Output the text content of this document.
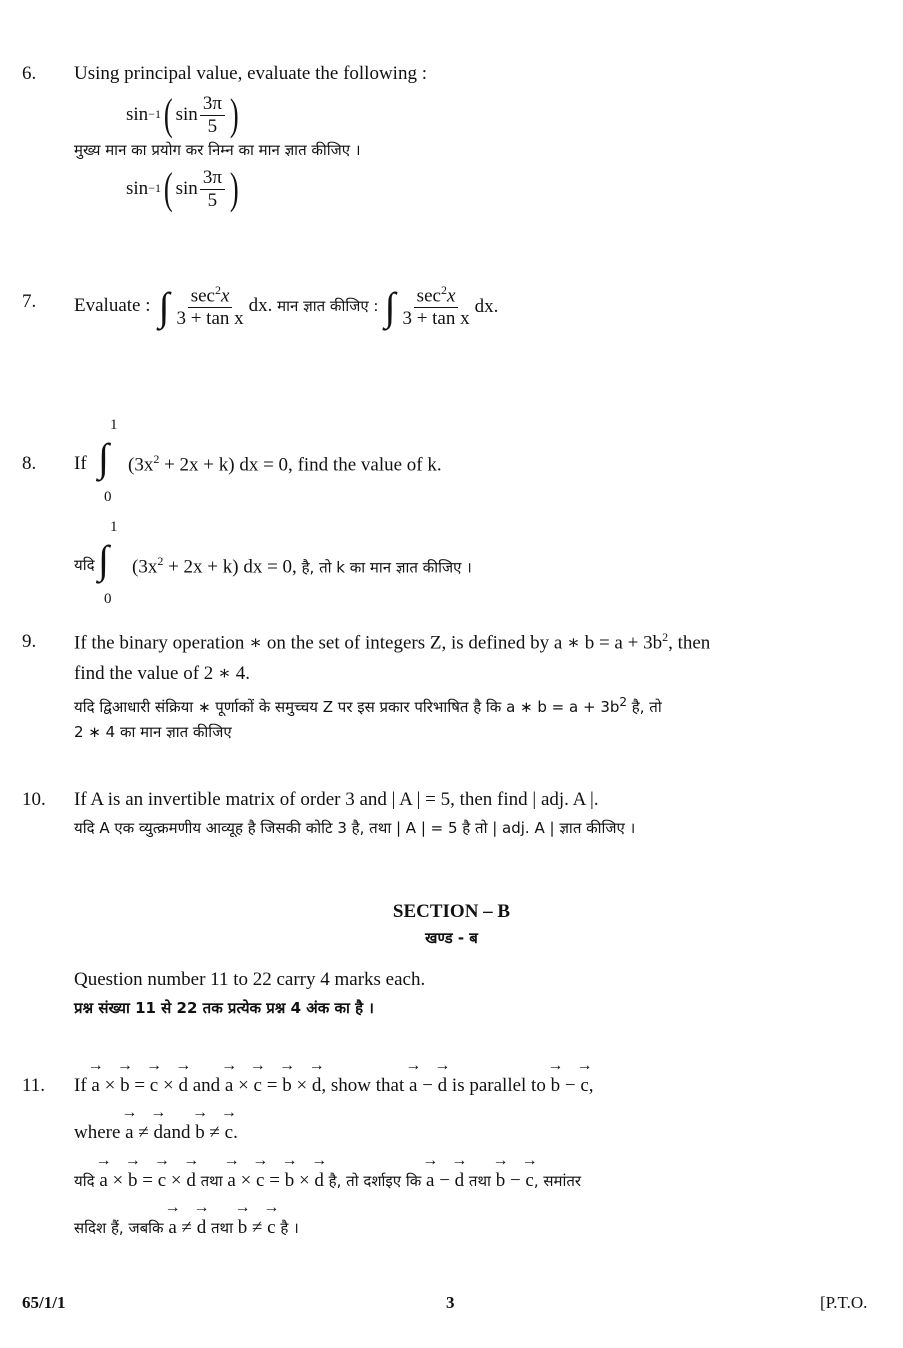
6. Using principal value, evaluate the following :
sin −1 ( $\sin \frac{3\pi}{5}$ )
मुख्य मान का प्रयोग कर निम्न का मान ज्ञात कीजिए ।
sin −1 ( $\sin \frac{3\pi}{5}$ )
7. Evaluate : ∫ $\frac{\sec^2x}{\text{3 + tan x}}$ dx.
मान ज्ञात कीजिए : ∫ $\frac{\sec^2x}{\text{3 + tan x}}$ dx.
8. If
1
∫
0
$(3x^2 + 2x + k)$ dx = 0, find the value of k.
यदि
1
∫
0
$(3x^2 + 2x + k)$ dx = 0, है, तो k का मान ज्ञात कीजिए ।
9. If the binary operation ∗ on the set of integers Z, is defined by a ∗ $b = a + 3b^2$, then
find the value of 2 ∗ 4.
यदि द्विआधारी संक्रिया ∗ पूर्णाकों के समुच्चय Z पर इस प्रकार परिभाषित है कि a ∗ $b = a + 3b^2$ है, तो
2 ∗ 4 का मान ज्ञात कीजिए
10. If A is an invertible matrix of order 3 and | A | = 5, then find | adj. A |.
यदि A एक व्युत्क्रमणीय आव्यूह है जिसकी कोटि 3 है, तथा | A | = 5 है तो | adj. A | ज्ञात कीजिए ।
SECTION – B
खण्ड - ब
Question number 11 to 22 carry 4 marks each.
प्रश्न संख्या 11 से 22 तक प्रत्येक प्रश्न 4 अंक का है ।
11. If → a × → b = → c × → d and → a × → c = → b × → d, show that → a − → d is parallel to → b − → c,
where → a ≠ → dand → b ≠ → c.
यदि → a × → b = → c × → d तथा → a × → c = → b × → d है, तो दर्शाइए कि → a − → d तथा → b − → c, समांतर
सदिश हैं, जबकि → a ≠ → d तथा → b ≠ → c है ।
65/1/1	3	[P.T.O.
